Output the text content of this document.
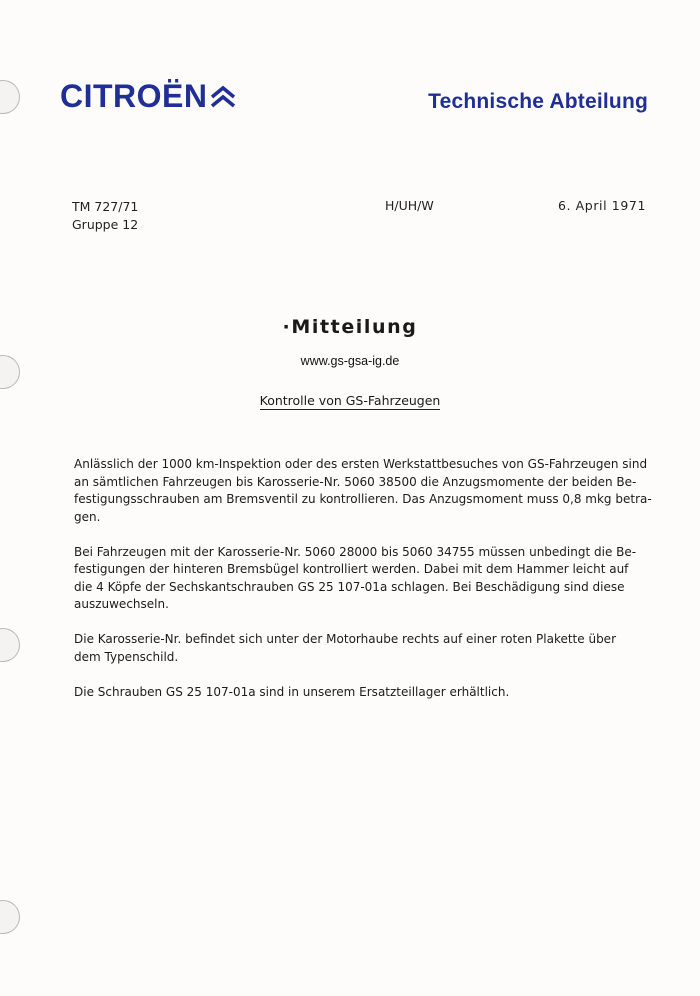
CITROËN	Technische Abteilung
TM 727/71
Gruppe 12
H/UH/W	6. April 1971
·Mitteilung
www.gs-gsa-ig.de
Kontrolle von GS-Fahrzeugen

Anlässlich der 1000 km-Inspektion oder des ersten Werkstattbesuches von GS-Fahrzeugen sind
an sämtlichen Fahrzeugen bis Karosserie-Nr. 5060 38500 die Anzugsmomente der beiden Be-
festigungsschrauben am Bremsventil zu kontrollieren. Das Anzugsmoment muss 0,8 mkg betra-
gen.

Bei Fahrzeugen mit der Karosserie-Nr. 5060 28000 bis 5060 34755 müssen unbedingt die Be-
festigungen der hinteren Bremsbügel kontrolliert werden. Dabei mit dem Hammer leicht auf
die 4 Köpfe der Sechskantschrauben GS 25 107-01a schlagen. Bei Beschädigung sind diese
auszuwechseln.

Die Karosserie-Nr. befindet sich unter der Motorhaube rechts auf einer roten Plakette über
dem Typenschild.

Die Schrauben GS 25 107-01a sind in unserem Ersatzteillager erhältlich.
